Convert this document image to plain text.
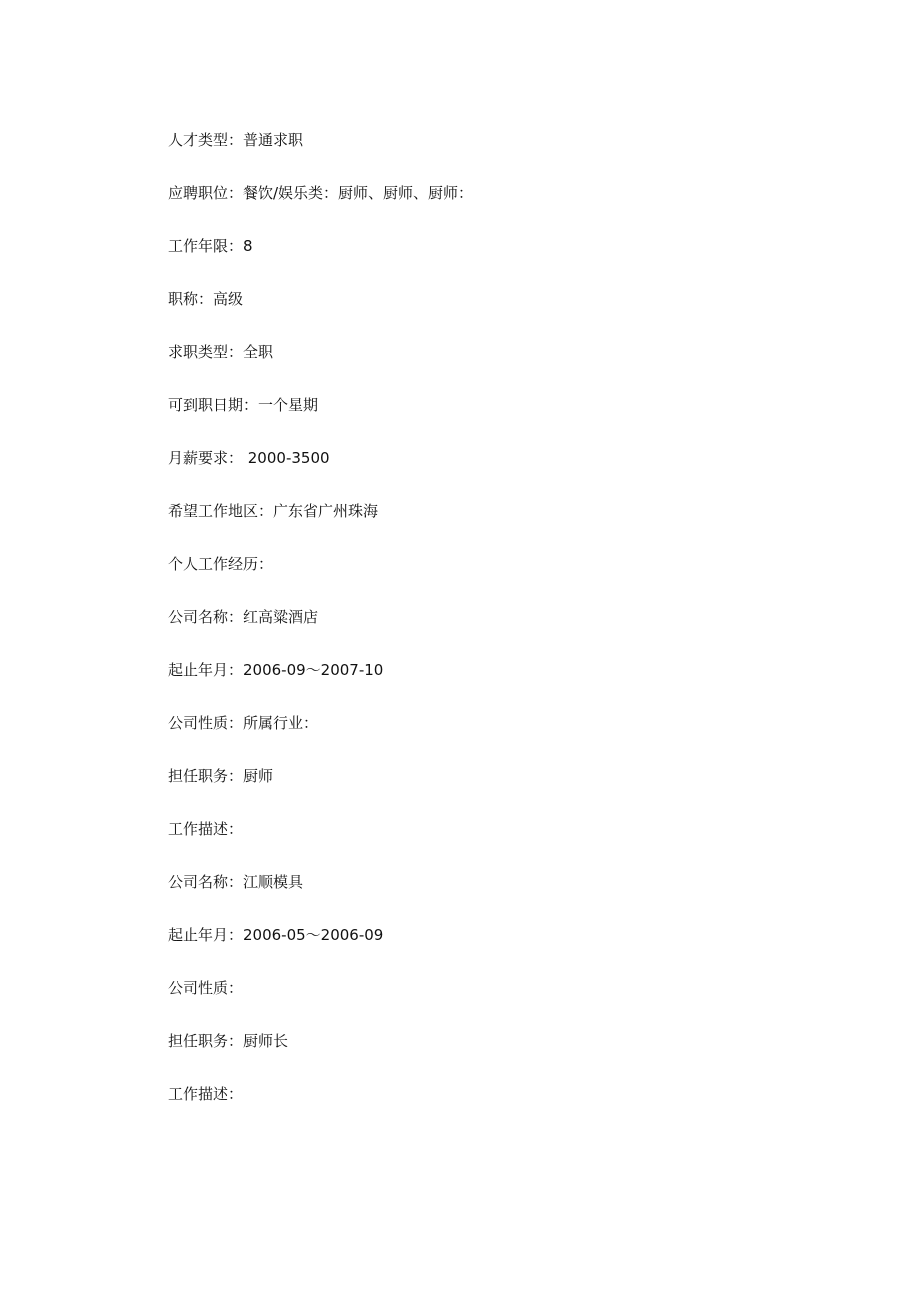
人才类型：普通求职
应聘职位：餐饮/娱乐类：厨师、厨师、厨师：
工作年限：8
职称：高级
求职类型：全职
可到职日期：一个星期
月薪要求： 2000-3500
希望工作地区：广东省广州珠海
个人工作经历：
公司名称：红高粱酒店
起止年月：2006-09～2007-10
公司性质：所属行业：
担任职务：厨师
工作描述：
公司名称：江顺模具
起止年月：2006-05～2006-09
公司性质：
担任职务：厨师长
工作描述：
